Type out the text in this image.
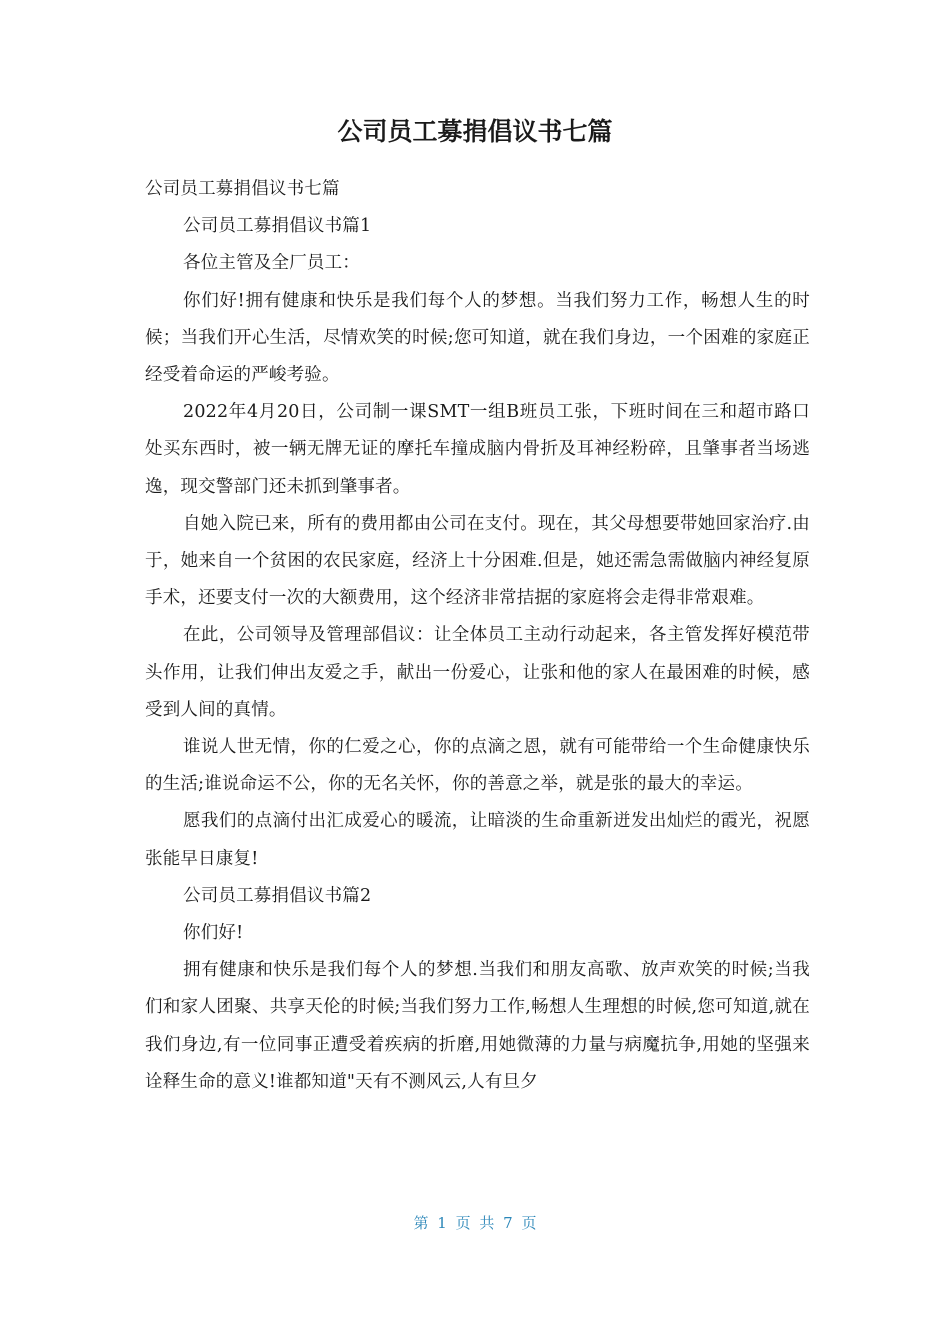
公司员工募捐倡议书七篇

公司员工募捐倡议书七篇

公司员工募捐倡议书篇1

各位主管及全厂员工：

你们好!拥有健康和快乐是我们每个人的梦想。当我们努力工作，畅想人生的时候；当我们开心生活，尽情欢笑的时候;您可知道，就在我们身边，一个困难的家庭正经受着命运的严峻考验。

2022年4月20日，公司制一课SMT一组B班员工张，下班时间在三和超市路口处买东西时，被一辆无牌无证的摩托车撞成脑内骨折及耳神经粉碎，且肇事者当场逃逸，现交警部门还未抓到肇事者。

自她入院已来，所有的费用都由公司在支付。现在，其父母想要带她回家治疗.由于，她来自一个贫困的农民家庭，经济上十分困难.但是，她还需急需做脑内神经复原手术，还要支付一次的大额费用，这个经济非常拮据的家庭将会走得非常艰难。

在此，公司领导及管理部倡议：让全体员工主动行动起来，各主管发挥好模范带头作用，让我们伸出友爱之手，献出一份爱心，让张和他的家人在最困难的时候，感受到人间的真情。

谁说人世无情，你的仁爱之心，你的点滴之恩，就有可能带给一个生命健康快乐的生活;谁说命运不公，你的无名关怀，你的善意之举，就是张的最大的幸运。

愿我们的点滴付出汇成爱心的暖流，让暗淡的生命重新迸发出灿烂的霞光，祝愿张能早日康复!

公司员工募捐倡议书篇2

你们好!

拥有健康和快乐是我们每个人的梦想.当我们和朋友高歌、放声欢笑的时候;当我们和家人团聚、共享天伦的时候;当我们努力工作,畅想人生理想的时候,您可知道,就在我们身边,有一位同事正遭受着疾病的折磨,用她微薄的力量与病魔抗争,用她的坚强来诠释生命的意义!谁都知道"天有不测风云,人有旦夕

第 1 页 共 7 页
